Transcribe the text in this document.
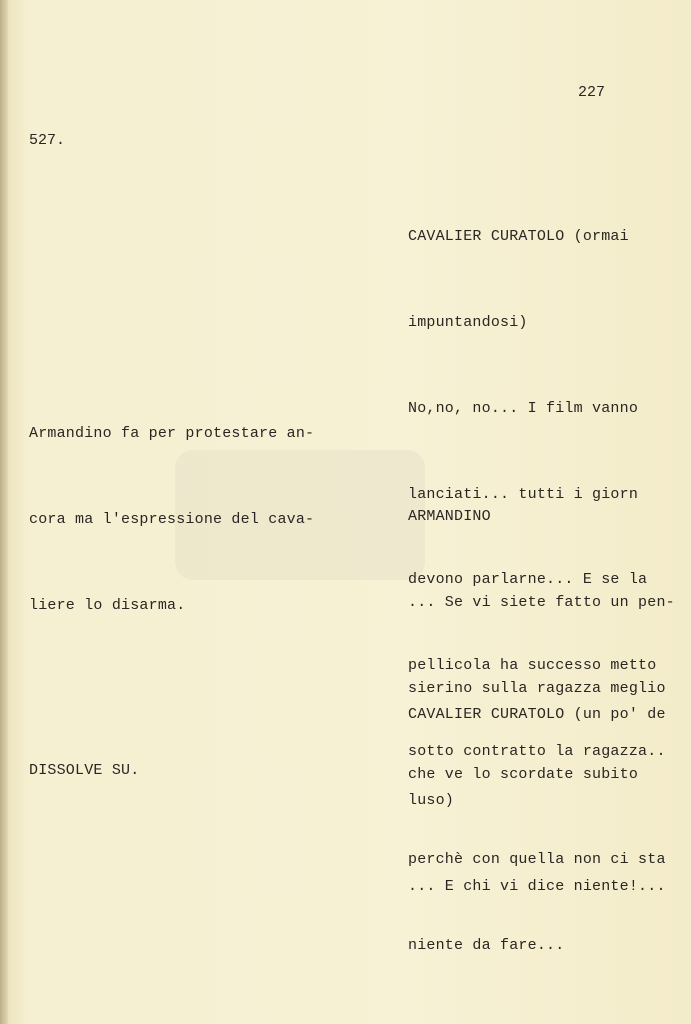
227
527.

Armandino fa per protestare an-

cora ma l'espressione del cava-

liere lo disarma.

DISSOLVE SU.

CAVALIER CURATOLO (ormai

impuntandosi)

No,no, no... I film vanno

lanciati... tutti i giorn

devono parlarne... E se la

pellicola ha successo metto

sotto contratto la ragazza..

ARMANDINO

... Se vi siete fatto un pen-

sierino sulla ragazza meglio

che ve lo scordate subito

perchè con quella non ci sta

niente da fare...

CAVALIER CURATOLO (un po' de

luso)

... E chi vi dice niente!...
